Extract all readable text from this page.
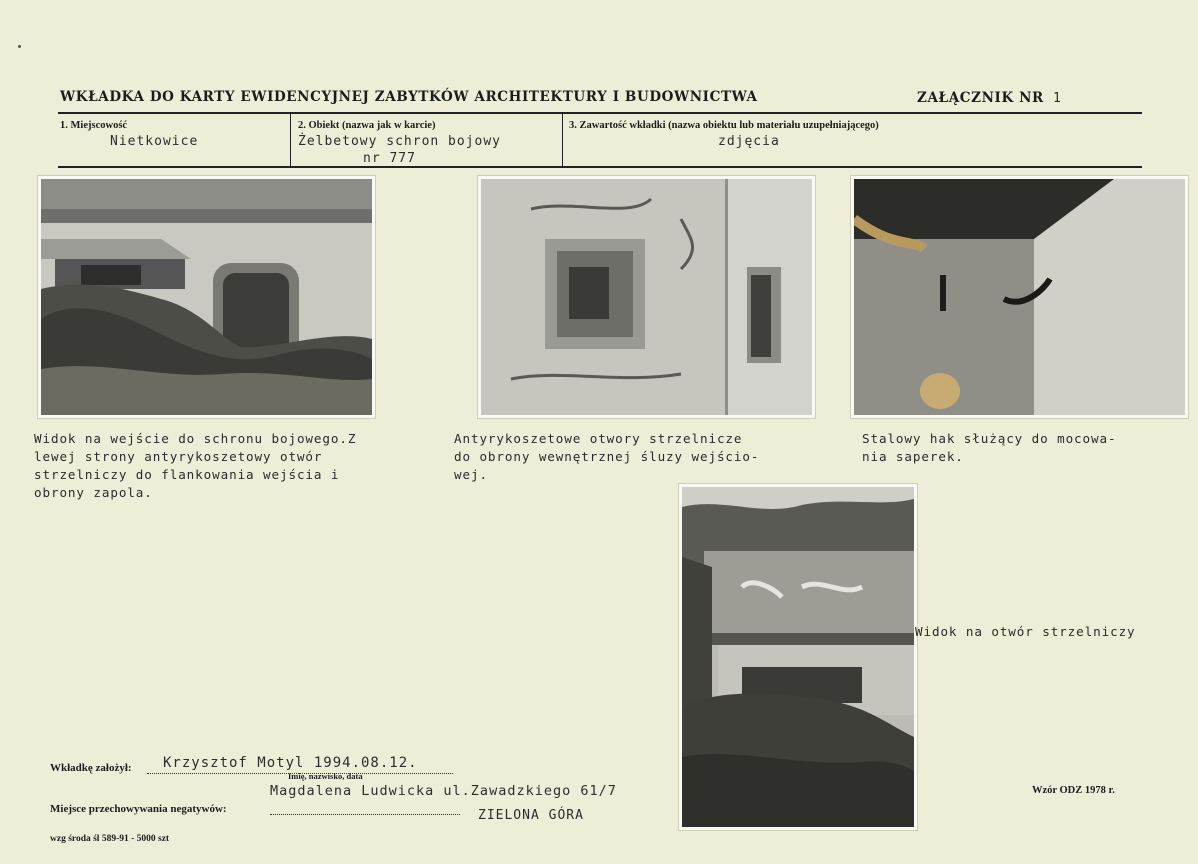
WKŁADKA DO KARTY EWIDENCYJNEJ ZABYTKÓW ARCHITEKTURY I BUDOWNICTWA	ZAŁĄCZNIK NR 1
1. Miejscowość
Nietkowice
2. Obiekt (nazwa jak w karcie)
Żelbetowy schron bojowy
nr 777
3. Zawartość wkładki (nazwa obiektu lub materiału uzupełniającego)
zdjęcia
Widok na wejście do schronu bojowego.Z
lewej strony antyrykoszetowy otwór
strzelniczy do flankowania wejścia i
obrony zapola.
Antyrykoszetowe otwory strzelnicze
do obrony wewnętrznej śluzy wejścio-
wej.
Stalowy hak służący do mocowa-
nia saperek.
Widok na otwór strzelniczy
Wkładkę założył: Krzysztof Motyl 1994.08.12.
Imię, nazwisko, data
Magdalena Ludwicka ul.Zawadzkiego 61/7
Miejsce przechowywania negatywów:	ZIELONA GÓRA
Wzór ODZ 1978 r.
wzg środa śl 589-91 - 5000 szt
